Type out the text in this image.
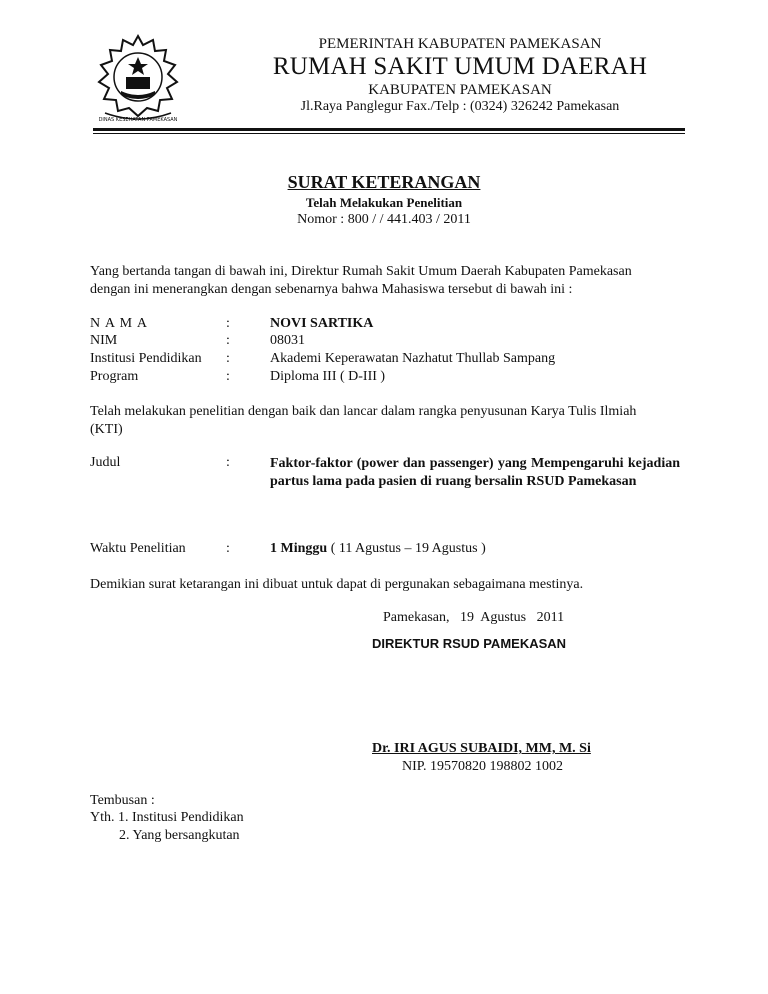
DINAS KESEHATAN PAMEKASAN
PEMERINTAH KABUPATEN PAMEKASAN
RUMAH SAKIT UMUM DAERAH
KABUPATEN PAMEKASAN
Jl.Raya Panglegur Fax./Telp : (0324) 326242 Pamekasan
SURAT KETERANGAN
Telah Melakukan Penelitian
Nomor : 800 / / 441.403 / 2011
Yang bertanda tangan di bawah ini, Direktur Rumah Sakit Umum Daerah Kabupaten Pamekasan
dengan ini menerangkan dengan sebenarnya bahwa Mahasiswa tersebut di bawah ini :
N A M A	:	NOVI SARTIKA
NIM	:	08031
Institusi Pendidikan :	Akademi Keperawatan Nazhatut Thullab Sampang
Program	:	Diploma III ( D-III )
Telah melakukan penelitian dengan baik dan lancar dalam rangka penyusunan Karya Tulis Ilmiah
(KTI)
Judul	:	Faktor-faktor (power dan passenger) yang Mempengaruhi kejadian partus lama pada pasien di ruang bersalin RSUD Pamekasan
Waktu Penelitian	:	1 Minggu ( 11 Agustus – 19 Agustus )
Demikian surat ketarangan ini dibuat untuk dapat di pergunakan sebagaimana mestinya.
Pamekasan,   19  Agustus   2011
DIREKTUR RSUD PAMEKASAN
Dr. IRI AGUS SUBAIDI, MM, M. Si
NIP. 19570820 198802 1002
Tembusan :
Yth. 1. Institusi Pendidikan
2. Yang bersangkutan
